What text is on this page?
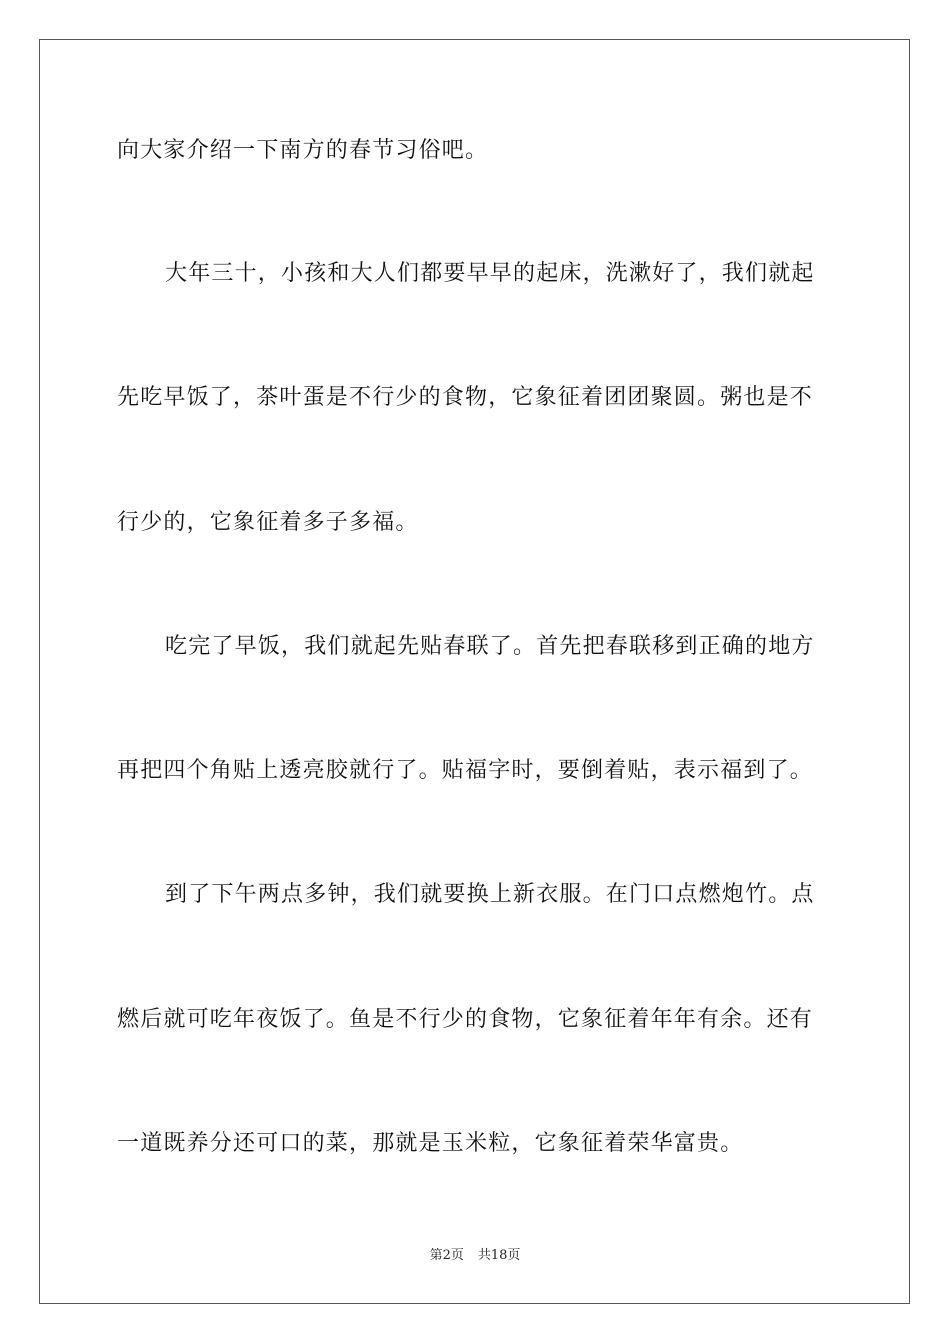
向大家介绍一下南方的春节习俗吧。
大年三十，小孩和大人们都要早早的起床，洗漱好了，我们就起
先吃早饭了，茶叶蛋是不行少的食物，它象征着团团聚圆。粥也是不
行少的，它象征着多子多福。
吃完了早饭，我们就起先贴春联了。首先把春联移到正确的地方
再把四个角贴上透亮胶就行了。贴福字时，要倒着贴，表示福到了。
到了下午两点多钟，我们就要换上新衣服。在门口点燃炮竹。点
燃后就可吃年夜饭了。鱼是不行少的食物，它象征着年年有余。还有
一道既养分还可口的菜，那就是玉米粒，它象征着荣华富贵。
第2页 共18页
